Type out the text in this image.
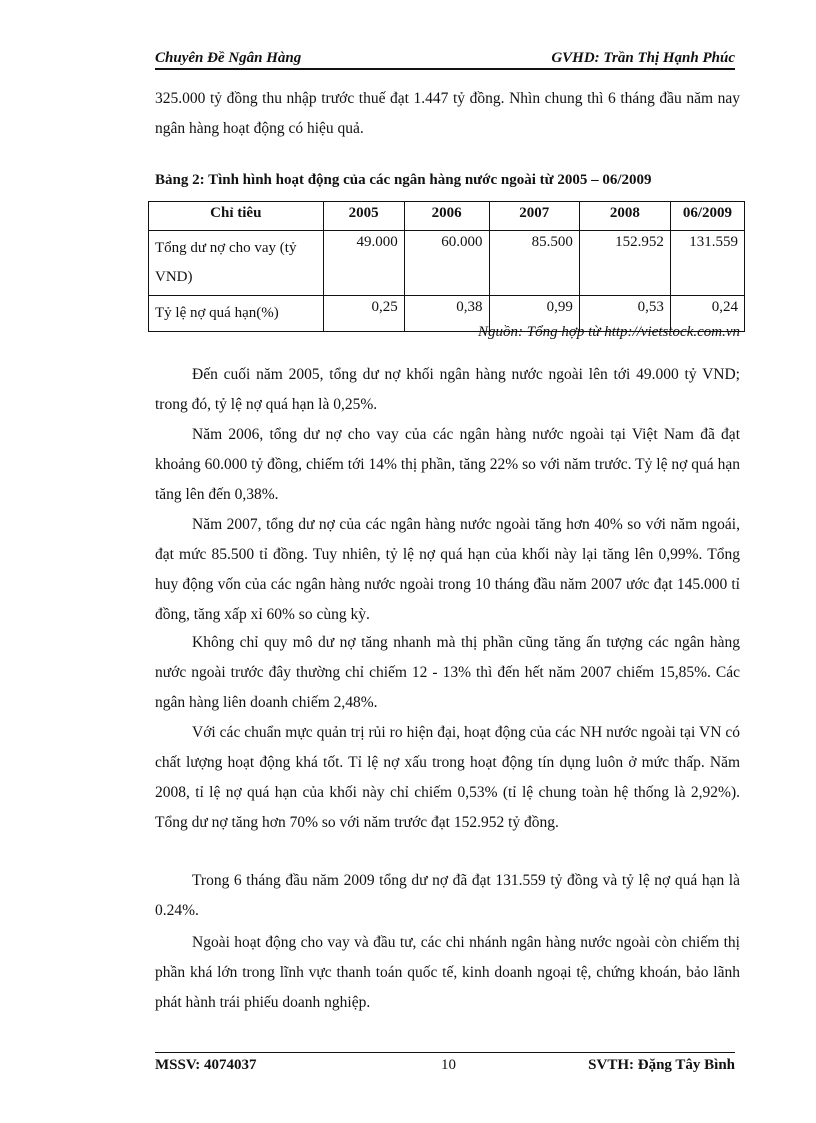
Chuyên Đề Ngân Hàng	GVHD: Trần Thị Hạnh Phúc

325.000 tỷ đồng thu nhập trước thuế đạt 1.447 tỷ đồng. Nhìn chung thì 6 tháng đầu năm nay ngân hàng hoạt động có hiệu quả.

Bảng 2: Tình hình hoạt động của các ngân hàng nước ngoài từ 2005 – 06/2009
Chỉ tiêu	2005	2006	2007	2008	06/2009
Tổng dư nợ cho vay (tỷ VND)	49.000	60.000	85.500	152.952	131.559
Tỷ lệ nợ quá hạn(%)	0,25	0,38	0,99	0,53	0,24
Nguồn: Tổng hợp từ http://vietstock.com.vn

Đến cuối năm 2005, tổng dư nợ khối ngân hàng nước ngoài lên tới 49.000 tỷ VND; trong đó, tỷ lệ nợ quá hạn là 0,25%.

Năm 2006, tổng dư nợ cho vay của các ngân hàng nước ngoài tại Việt Nam đã đạt khoảng 60.000 tỷ đồng, chiếm tới 14% thị phần, tăng 22% so với năm trước. Tỷ lệ nợ quá hạn tăng lên đến 0,38%.

Năm 2007, tổng dư nợ của các ngân hàng nước ngoài tăng hơn 40% so với năm ngoái, đạt mức 85.500 tỉ đồng. Tuy nhiên, tỷ lệ nợ quá hạn của khối này lại tăng lên 0,99%. Tổng huy động vốn của các ngân hàng nước ngoài trong 10 tháng đầu năm 2007 ước đạt 145.000 tỉ đồng, tăng xấp xỉ 60% so cùng kỳ.

Không chỉ quy mô dư nợ tăng nhanh mà thị phần cũng tăng ấn tượng các ngân hàng nước ngoài trước đây thường chỉ chiếm 12 - 13% thì đến hết năm 2007 chiếm 15,85%. Các ngân hàng liên doanh chiếm 2,48%.

Với các chuẩn mực quản trị rủi ro hiện đại, hoạt động của các NH nước ngoài tại VN có chất lượng hoạt động khá tốt. Tỉ lệ nợ xấu trong hoạt động tín dụng luôn ở mức thấp. Năm 2008, tỉ lệ nợ quá hạn của khối này chỉ chiếm 0,53% (tỉ lệ chung toàn hệ thống là 2,92%). Tổng dư nợ tăng hơn 70% so với năm trước đạt 152.952 tỷ đồng.

Trong 6 tháng đầu năm 2009 tổng dư nợ đã đạt 131.559 tỷ đồng và tỷ lệ nợ quá hạn là 0.24%.

Ngoài hoạt động cho vay và đầu tư, các chi nhánh ngân hàng nước ngoài còn chiếm thị phần khá lớn trong lĩnh vực thanh toán quốc tế, kinh doanh ngoại tệ, chứng khoán, bảo lãnh phát hành trái phiếu doanh nghiệp.

MSSV: 4074037	10	SVTH: Đặng Tây Bình
